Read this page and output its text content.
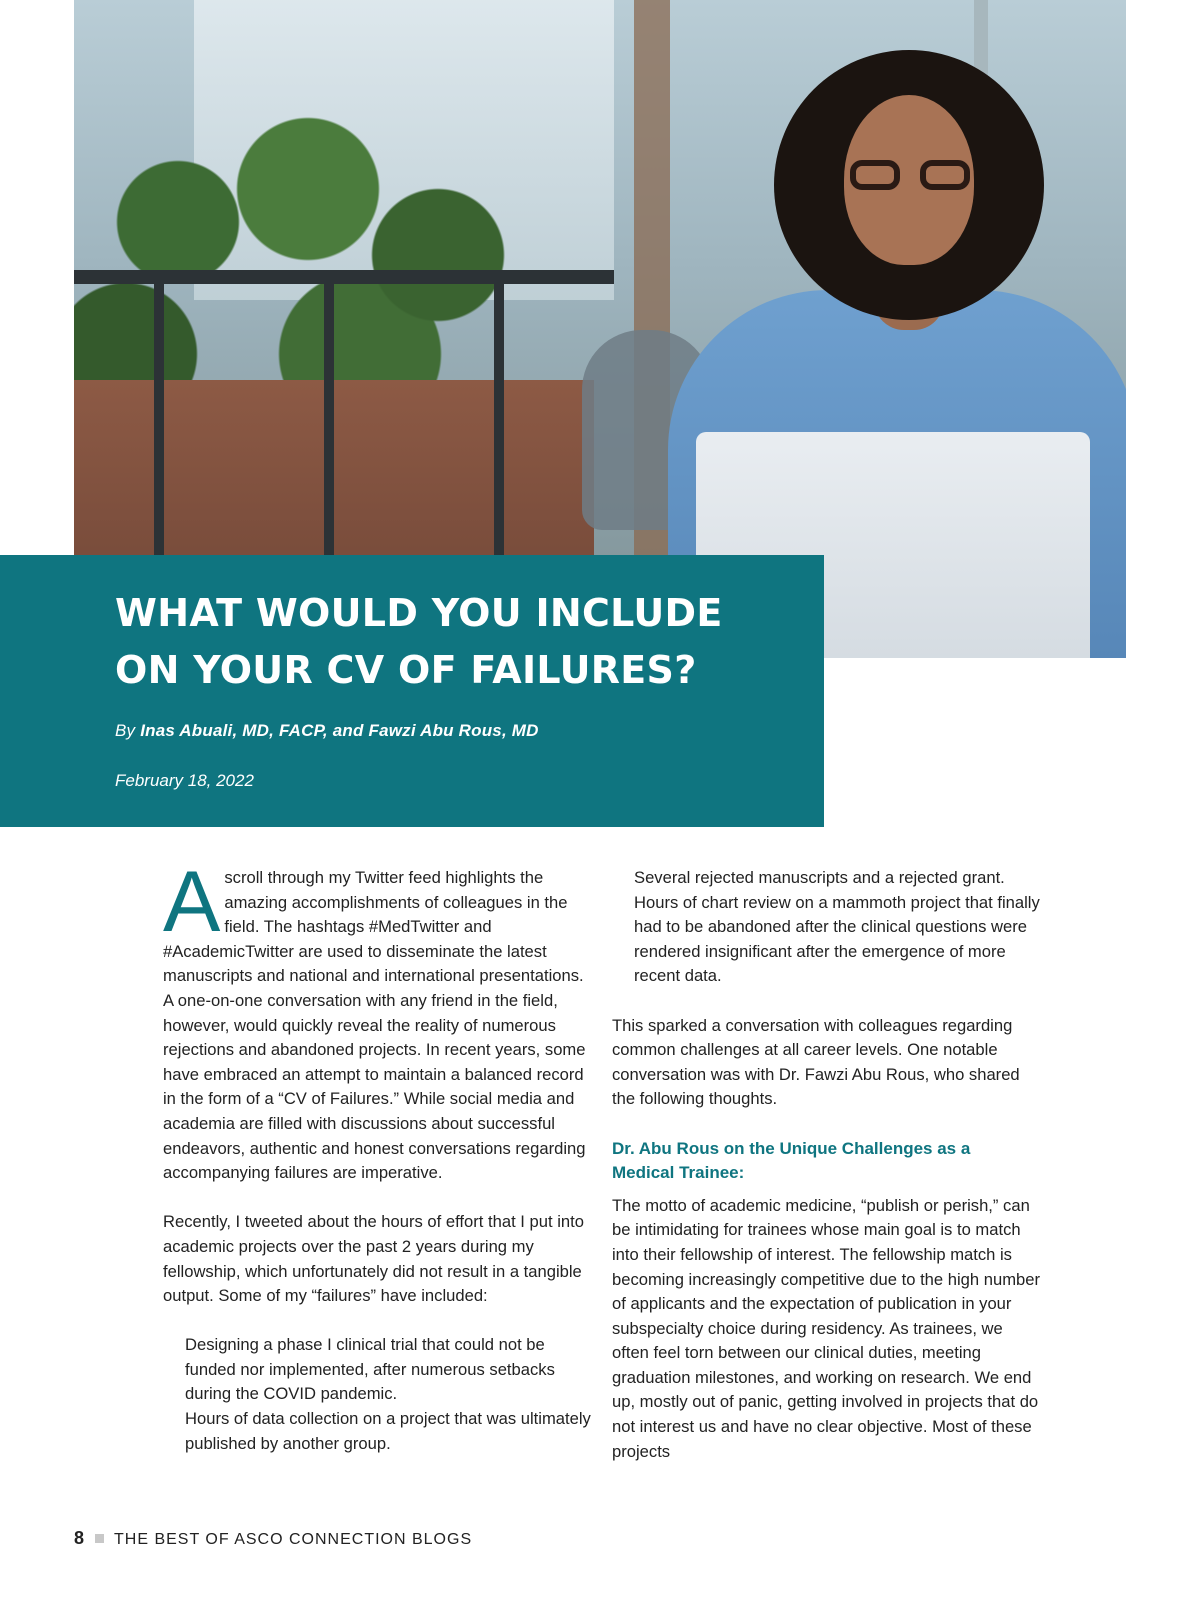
WHAT WOULD YOU INCLUDE ON YOUR CV OF FAILURES?
By Inas Abuali, MD, FACP, and Fawzi Abu Rous, MD
February 18, 2022

A scroll through my Twitter feed highlights the amazing accomplishments of colleagues in the field. The hashtags #MedTwitter and #AcademicTwitter are used to disseminate the latest manuscripts and national and international presentations. A one-on-one conversation with any friend in the field, however, would quickly reveal the reality of numerous rejections and abandoned projects. In recent years, some have embraced an attempt to maintain a balanced record in the form of a “CV of Failures.” While social media and academia are filled with discussions about successful endeavors, authentic and honest conversations regarding accompanying failures are imperative.

Recently, I tweeted about the hours of effort that I put into academic projects over the past 2 years during my fellowship, which unfortunately did not result in a tangible output. Some of my “failures” have included:

Designing a phase I clinical trial that could not be funded nor implemented, after numerous setbacks during the COVID pandemic.
Hours of data collection on a project that was ultimately published by another group.
Several rejected manuscripts and a rejected grant.
Hours of chart review on a mammoth project that finally had to be abandoned after the clinical questions were rendered insignificant after the emergence of more recent data.

This sparked a conversation with colleagues regarding common challenges at all career levels. One notable conversation was with Dr. Fawzi Abu Rous, who shared the following thoughts.

Dr. Abu Rous on the Unique Challenges as a Medical Trainee:

The motto of academic medicine, “publish or perish,” can be intimidating for trainees whose main goal is to match into their fellowship of interest. The fellowship match is becoming increasingly competitive due to the high number of applicants and the expectation of publication in your subspecialty choice during residency. As trainees, we often feel torn between our clinical duties, meeting graduation milestones, and working on research. We end up, mostly out of panic, getting involved in projects that do not interest us and have no clear objective. Most of these projects

8 THE BEST OF ASCO CONNECTION BLOGS
